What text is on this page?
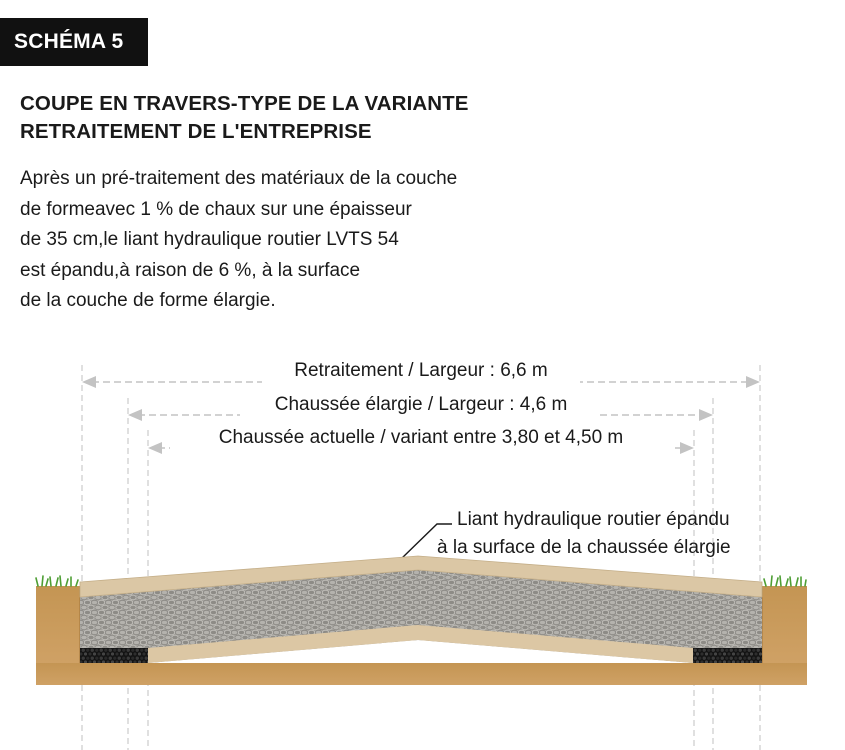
SCHÉMA 5
COUPE EN TRAVERS-TYPE DE LA VARIANTE
RETRAITEMENT DE L'ENTREPRISE
Après un pré-traitement des matériaux de la couche
de formeavec 1 % de chaux sur une épaisseur
de 35 cm,le liant hydraulique routier LVTS 54
est épandu,à raison de 6 %, à la surface
de la couche de forme élargie.
Retraitement / Largeur : 6,6 m
Chaussée élargie / Largeur : 4,6 m
Chaussée actuelle / variant entre 3,80 et 4,50 m
Liant hydraulique routier épandu
à la surface de la chaussée élargie
